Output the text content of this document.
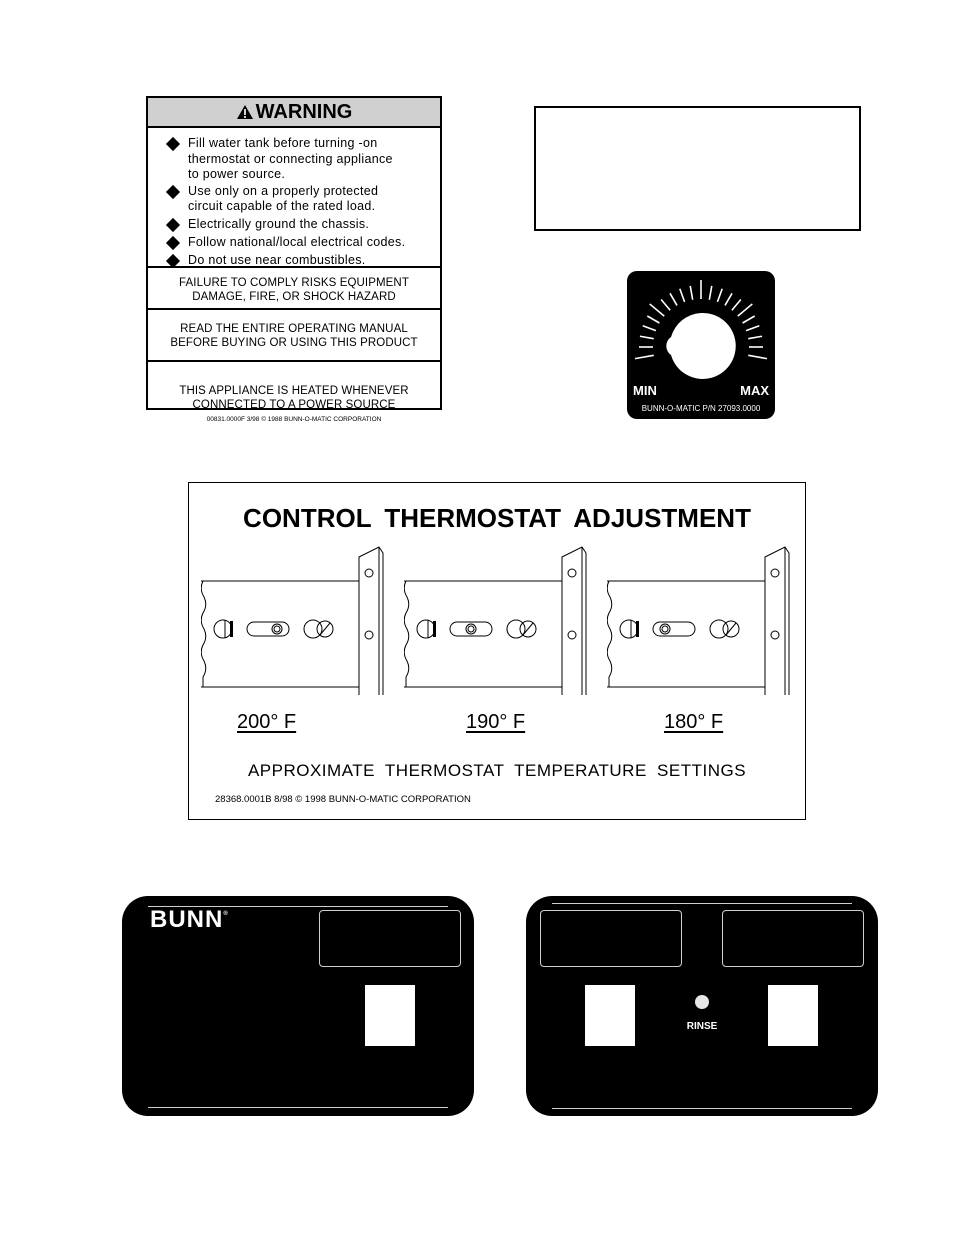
WARNING
Fill water tank before turning -on
thermostat or connecting appliance
to power source.
Use only on a properly protected
circuit capable of the rated load.
Electrically ground the chassis.
Follow national/local electrical codes.
Do not use near combustibles.
FAILURE TO COMPLY RISKS EQUIPMENT
DAMAGE, FIRE, OR SHOCK HAZARD
READ THE ENTIRE OPERATING MANUAL
BEFORE BUYING OR USING THIS PRODUCT

THIS APPLIANCE IS HEATED WHENEVER
CONNECTED TO A POWER SOURCE

00831.0000F 3/98 © 1988 BUNN-O-MATIC CORPORATION

MIN	MAX
BUNN-O-MATIC P/N 27093.0000
CONTROL THERMOSTAT ADJUSTMENT
200° F	190° F	180° F
APPROXIMATE THERMOSTAT TEMPERATURE SETTINGS
28368.0001B 8/98 © 1998 BUNN-O-MATIC CORPORATION
BUNN®
RINSE
